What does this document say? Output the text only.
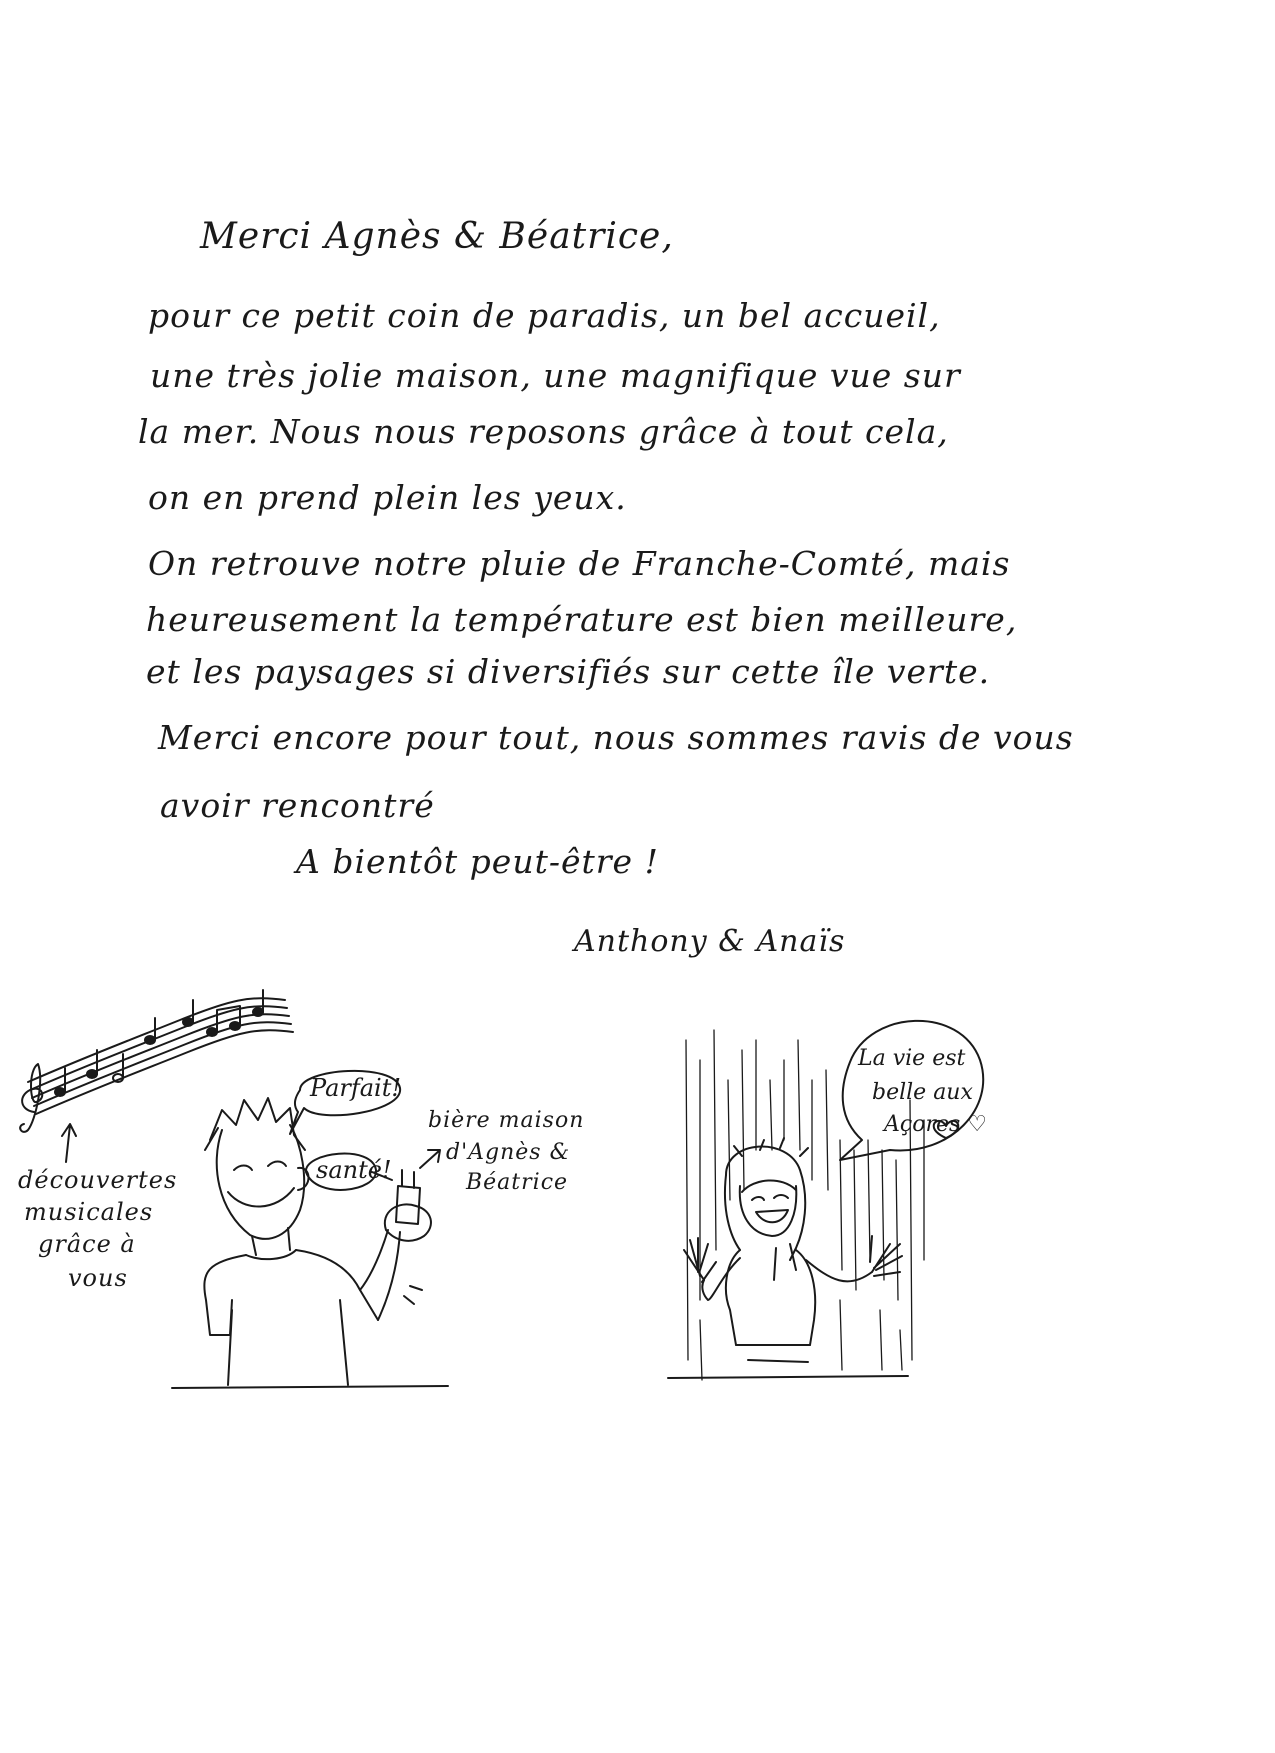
Merci Agnès & Béatrice,
pour ce petit coin de paradis, un bel accueil,
une très jolie maison, une magnifique vue sur
la mer. Nous nous reposons grâce à tout cela,
on en prend plein les yeux.
On retrouve notre pluie de Franche-Comté, mais
heureusement la température est bien meilleure,
et les paysages si diversifiés sur cette île verte.
Merci encore pour tout, nous sommes ravis de vous
avoir rencontré
A bientôt peut-être !
Anthony & Anaïs
Parfait!
santé!
découvertes
musicales
grâce à
vous
bière maison
d'Agnès &
Béatrice
La vie est
belle aux
Açores ♡
